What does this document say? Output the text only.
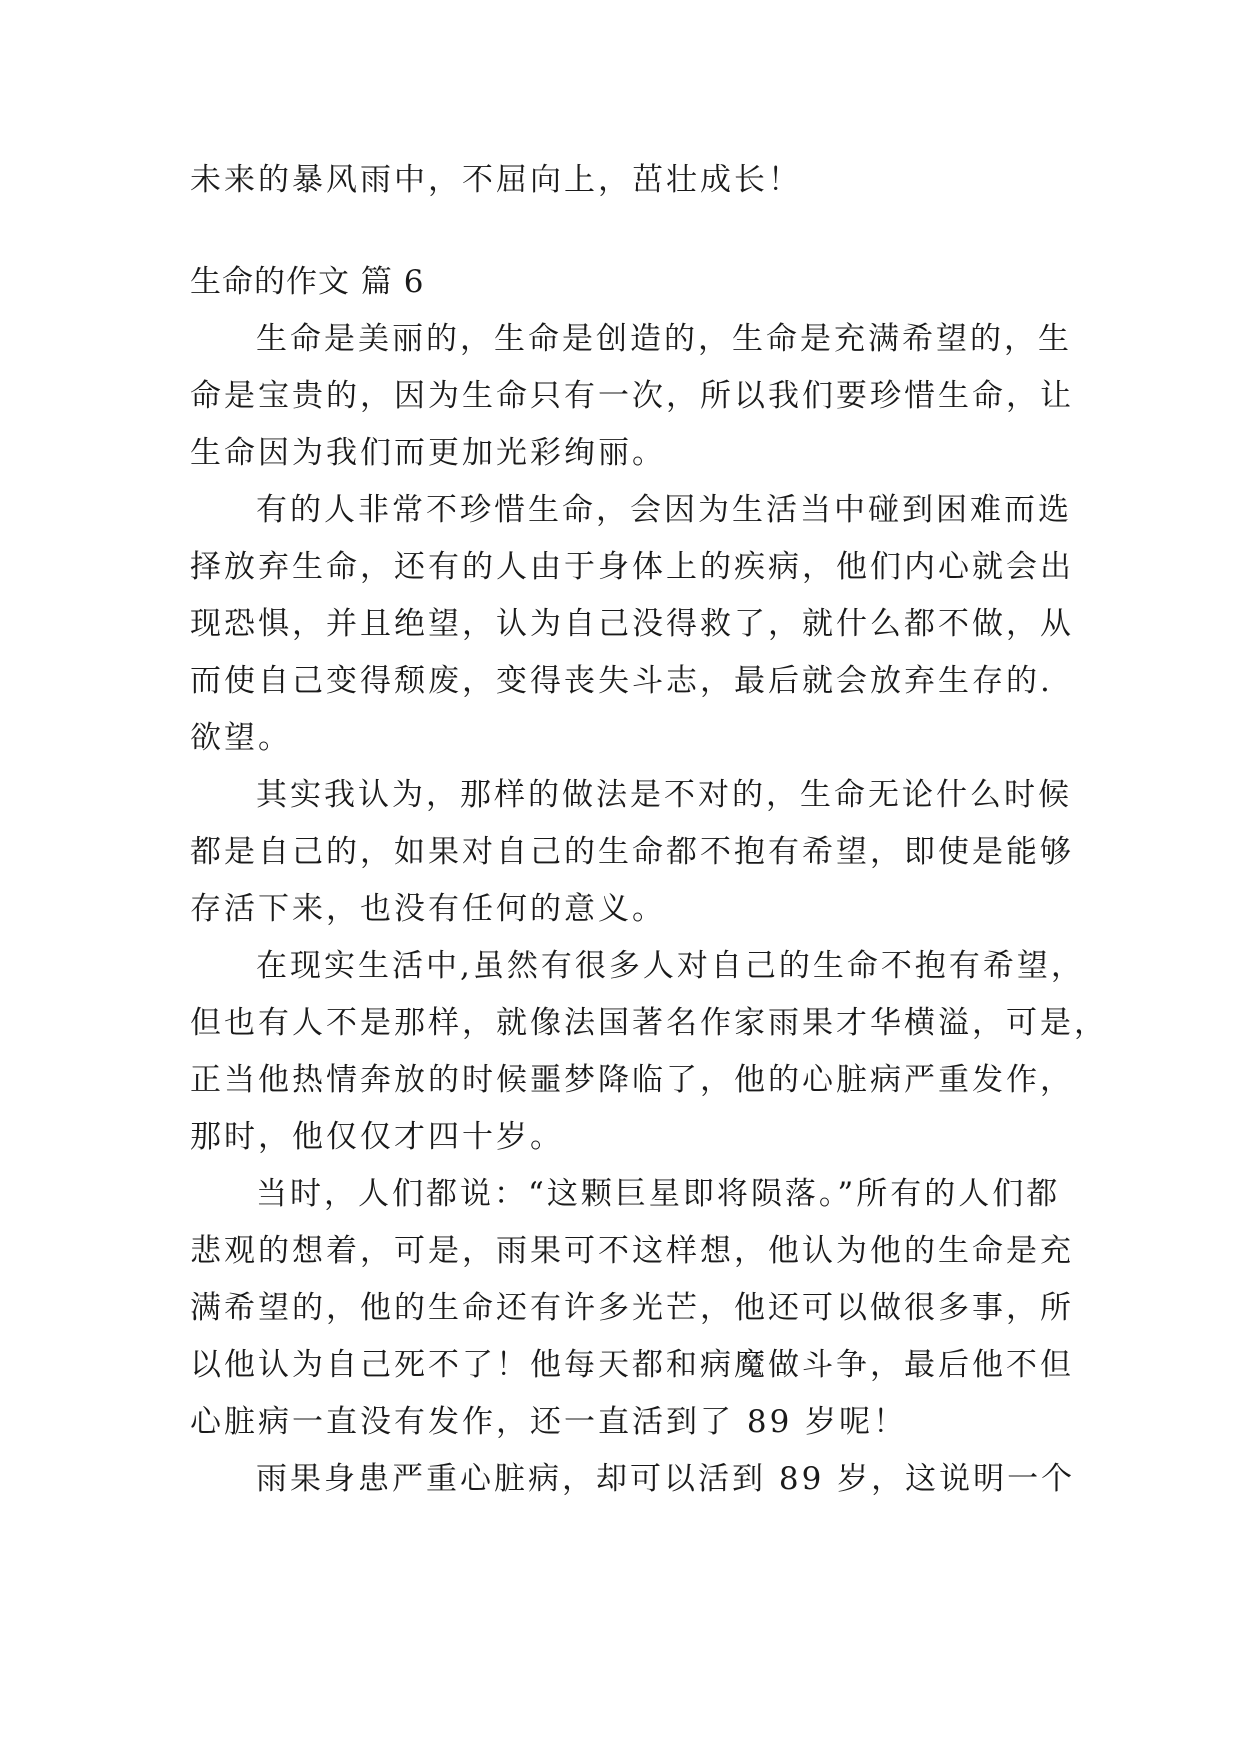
未来的暴风雨中，不屈向上，茁壮成长！
生命的作文 篇 6
生命是美丽的，生命是创造的，生命是充满希望的，生
命是宝贵的，因为生命只有一次，所以我们要珍惜生命，让
生命因为我们而更加光彩绚丽。
有的人非常不珍惜生命，会因为生活当中碰到困难而选
择放弃生命，还有的人由于身体上的疾病，他们内心就会出
现恐惧，并且绝望，认为自己没得救了，就什么都不做，从
而使自己变得颓废，变得丧失斗志，最后就会放弃生存的.
欲望。
其实我认为，那样的做法是不对的，生命无论什么时候
都是自己的，如果对自己的生命都不抱有希望，即使是能够
存活下来，也没有任何的意义。
在现实生活中,虽然有很多人对自己的生命不抱有希望，
但也有人不是那样，就像法国著名作家雨果才华横溢，可是，
正当他热情奔放的时候噩梦降临了，他的心脏病严重发作，
那时，他仅仅才四十岁。
当时，人们都说：“这颗巨星即将陨落。”所有的人们都
悲观的想着，可是，雨果可不这样想，他认为他的生命是充
满希望的，他的生命还有许多光芒，他还可以做很多事，所
以他认为自己死不了！他每天都和病魔做斗争，最后他不但
心脏病一直没有发作，还一直活到了 89 岁呢！
雨果身患严重心脏病，却可以活到 89 岁，这说明一个
